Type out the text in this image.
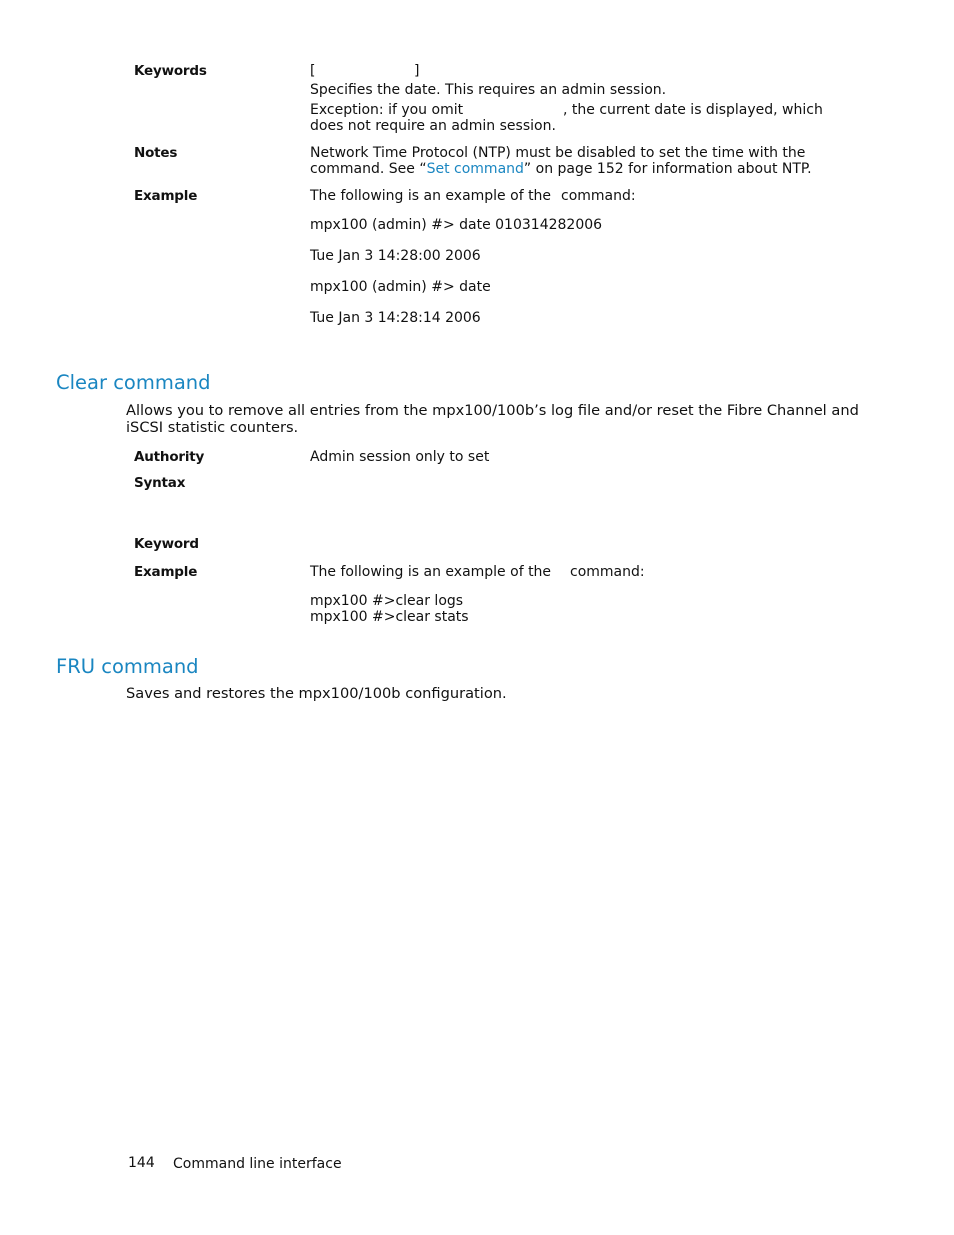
Keywords	[	]
Specifies the date. This requires an admin session.
Exception: if you omit	, the current date is displayed, which
does not require an admin session.
Notes	Network Time Protocol (NTP) must be disabled to set the time with the
command. See “Set command” on page 152 for information about NTP.
Example	The following is an example of the command:
mpx100 (admin) #> date 010314282006
Tue Jan 3 14:28:00 2006
mpx100 (admin) #> date
Tue Jan 3 14:28:14 2006
Clear command
Allows you to remove all entries from the mpx100/100b’s log file and/or reset the Fibre Channel and
iSCSI statistic counters.
Authority	Admin session only to set
Syntax
Keyword
Example	The following is an example of the command:
mpx100 #>clear logs
mpx100 #>clear stats
FRU command
Saves and restores the mpx100/100b configuration.
144 Command line interface
